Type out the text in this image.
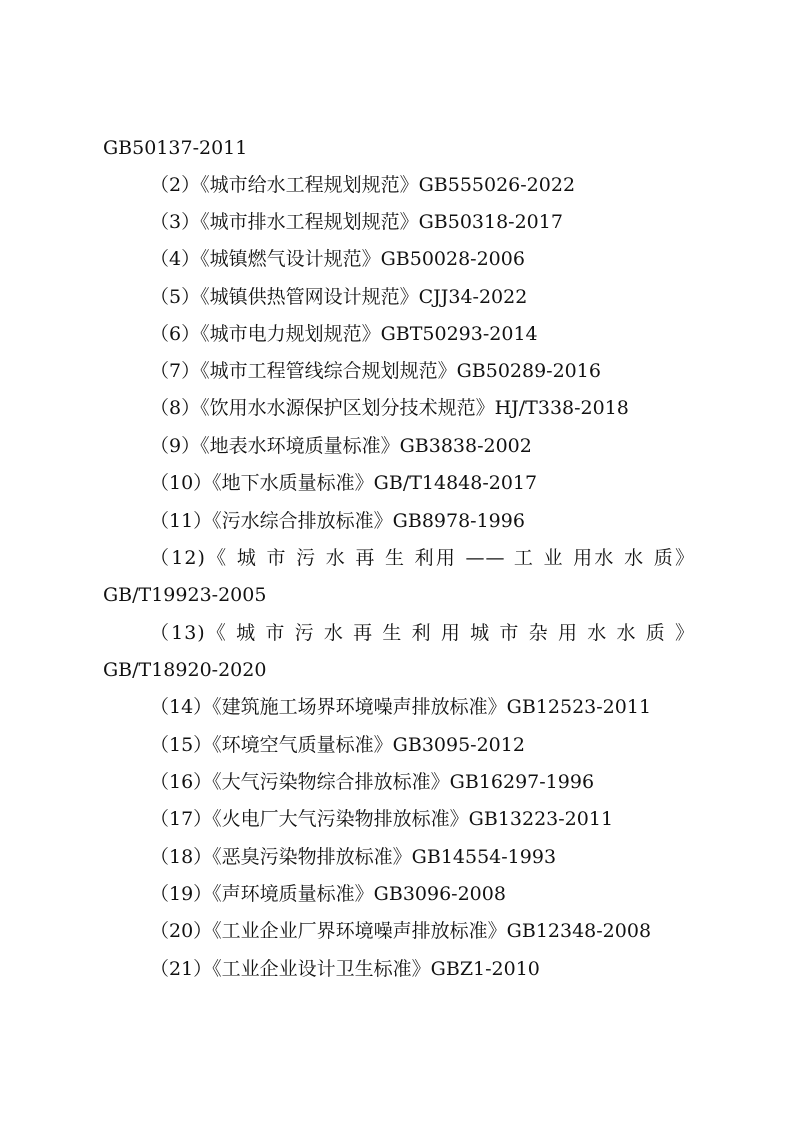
GB50137-2011
（2）《城市给水工程规划规范》GB555026-2022
（3）《城市排水工程规划规范》GB50318-2017
（4）《城镇燃气设计规范》GB50028-2006
（5）《城镇供热管网设计规范》CJJ34-2022
（6）《城市电力规划规范》GBT50293-2014
（7）《城市工程管线综合规划规范》GB50289-2016
（8）《饮用水水源保护区划分技术规范》HJ/T338-2018
（9）《地表水环境质量标准》GB3838-2002
（10）《地下水质量标准》GB/T14848-2017
（11）《污水综合排放标准》GB8978-1996
（12)《 城 市 污 水 再 生 利用 —— 工 业 用水 水 质》
GB/T19923-2005
（13)《 城 市 污 水 再 生 利 用 城 市 杂 用 水 水 质 》
GB/T18920-2020
（14）《建筑施工场界环境噪声排放标准》GB12523-2011
（15）《环境空气质量标准》GB3095-2012
（16）《大气污染物综合排放标准》GB16297-1996
（17）《火电厂大气污染物排放标准》GB13223-2011
（18）《恶臭污染物排放标准》GB14554-1993
（19）《声环境质量标准》GB3096-2008
（20）《工业企业厂界环境噪声排放标准》GB12348-2008
（21）《工业企业设计卫生标准》GBZ1-2010
